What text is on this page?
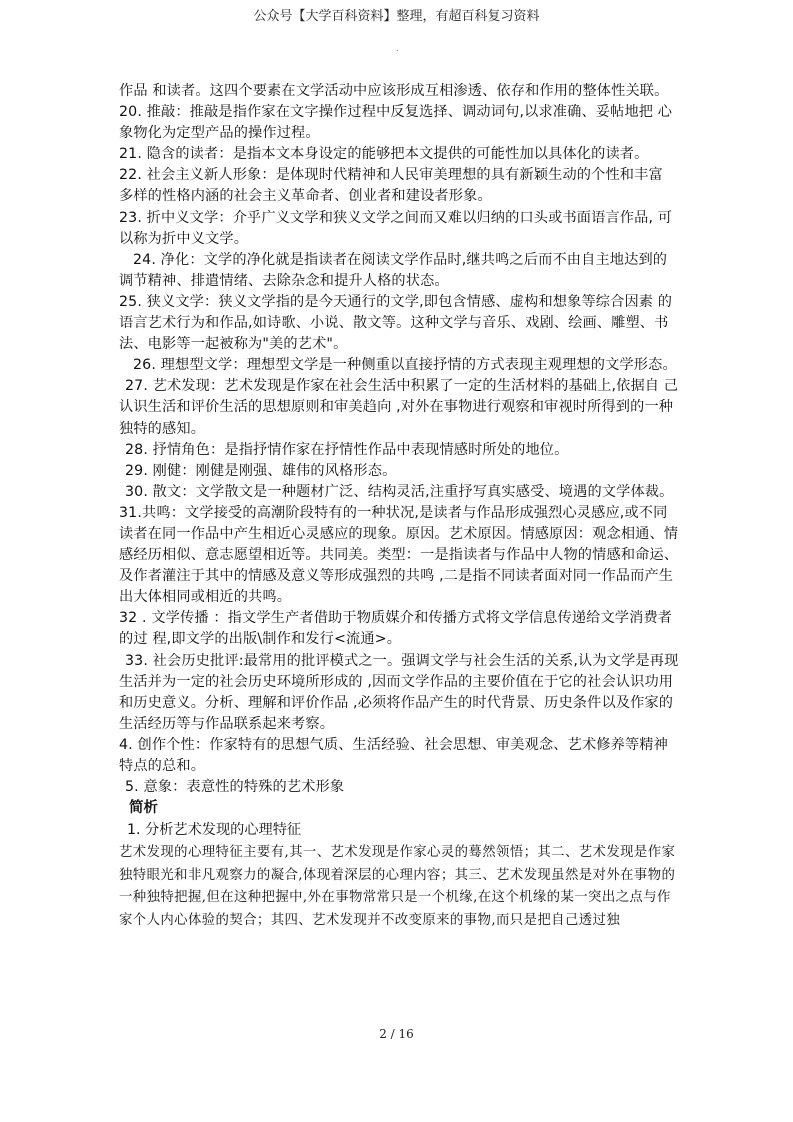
公众号【大学百科资料】整理，有超百科复习资料
.

作品 和读者。这四个要素在文学活动中应该形成互相渗透、依存和作用的整体性关联。

20. 推敲：推敲是指作家在文字操作过程中反复选择、调动词句,以求准确、妥帖地把 心象物化为定型产品的操作过程。

21. 隐含的读者：是指本文本身设定的能够把本文提供的可能性加以具体化的读者。

22. 社会主义新人形象：是体现时代精神和人民审美理想的具有新颖生动的个性和丰富 多样的性格内涵的社会主义革命者、创业者和建设者形象。

23. 折中义文学：介乎广义文学和狭义文学之间而又难以归纳的口头或书面语言作品, 可以称为折中义文学。

24. 净化：文学的净化就是指读者在阅读文学作品时,继共鸣之后而不由自主地达到的 调节精神、排遣情绪、去除杂念和提升人格的状态。

25. 狭义文学：狭义文学指的是今天通行的文学,即包含情感、虚构和想象等综合因素 的语言艺术行为和作品,如诗歌、小说、散文等。这种文学与音乐、戏剧、绘画、雕塑、书法、电影等一起被称为"美的艺术"。

26. 理想型文学：理想型文学是一种侧重以直接抒情的方式表现主观理想的文学形态。

27. 艺术发现：艺术发现是作家在社会生活中积累了一定的生活材料的基础上,依据自 己认识生活和评价生活的思想原则和审美趋向 ,对外在事物进行观察和审视时所得到的一种独特的感知。

28. 抒情角色：是指抒情作家在抒情性作品中表现情感时所处的地位。

29. 刚健：刚健是刚强、雄伟的风格形态。

30. 散文：文学散文是一种题材广泛、结构灵活,注重抒写真实感受、境遇的文学体裁。

31.共鸣：文学接受的高潮阶段特有的一种状况,是读者与作品形成强烈心灵感应,或不同读者在同一作品中产生相近心灵感应的现象。原因。艺术原因。情感原因：观念相通、情感经历相似、意志愿望相近等。共同美。类型：一是指读者与作品中人物的情感和命运、及作者灌注于其中的情感及意义等形成强烈的共鸣 ,二是指不同读者面对同一作品而产生出大体相同或相近的共鸣。

32 . 文学传播 ：指文学生产者借助于物质媒介和传播方式将文学信息传递给文学消费者的过 程,即文学的出版\制作和发行<流通>。

33. 社会历史批评:最常用的批评模式之一。强调文学与社会生活的关系,认为文学是再现生活并为一定的社会历史环境所形成的 ,因而文学作品的主要价值在于它的社会认识功用和历史意义。分析、理解和评价作品 ,必须将作品产生的时代背景、历史条件以及作家的生活经历等与作品联系起来考察。

4. 创作个性：作家特有的思想气质、生活经验、社会思想、审美观念、艺术修养等精神特点的总和。

5. 意象：表意性的特殊的艺术形象

简析

1. 分析艺术发现的心理特征

艺术发现的心理特征主要有,其一、艺术发现是作家心灵的蓦然领悟；其二、艺术发现是作家独特眼光和非凡观察力的凝合,体现着深层的心理内容；其三、艺术发现虽然是对外在事物的一种独特把握,但在这种把握中,外在事物常常只是一个机缘,在这个机缘的某一突出之点与作家个人内心体验的契合；其四、艺术发现并不改变原来的事物,而只是把自己透过独

2 / 16
